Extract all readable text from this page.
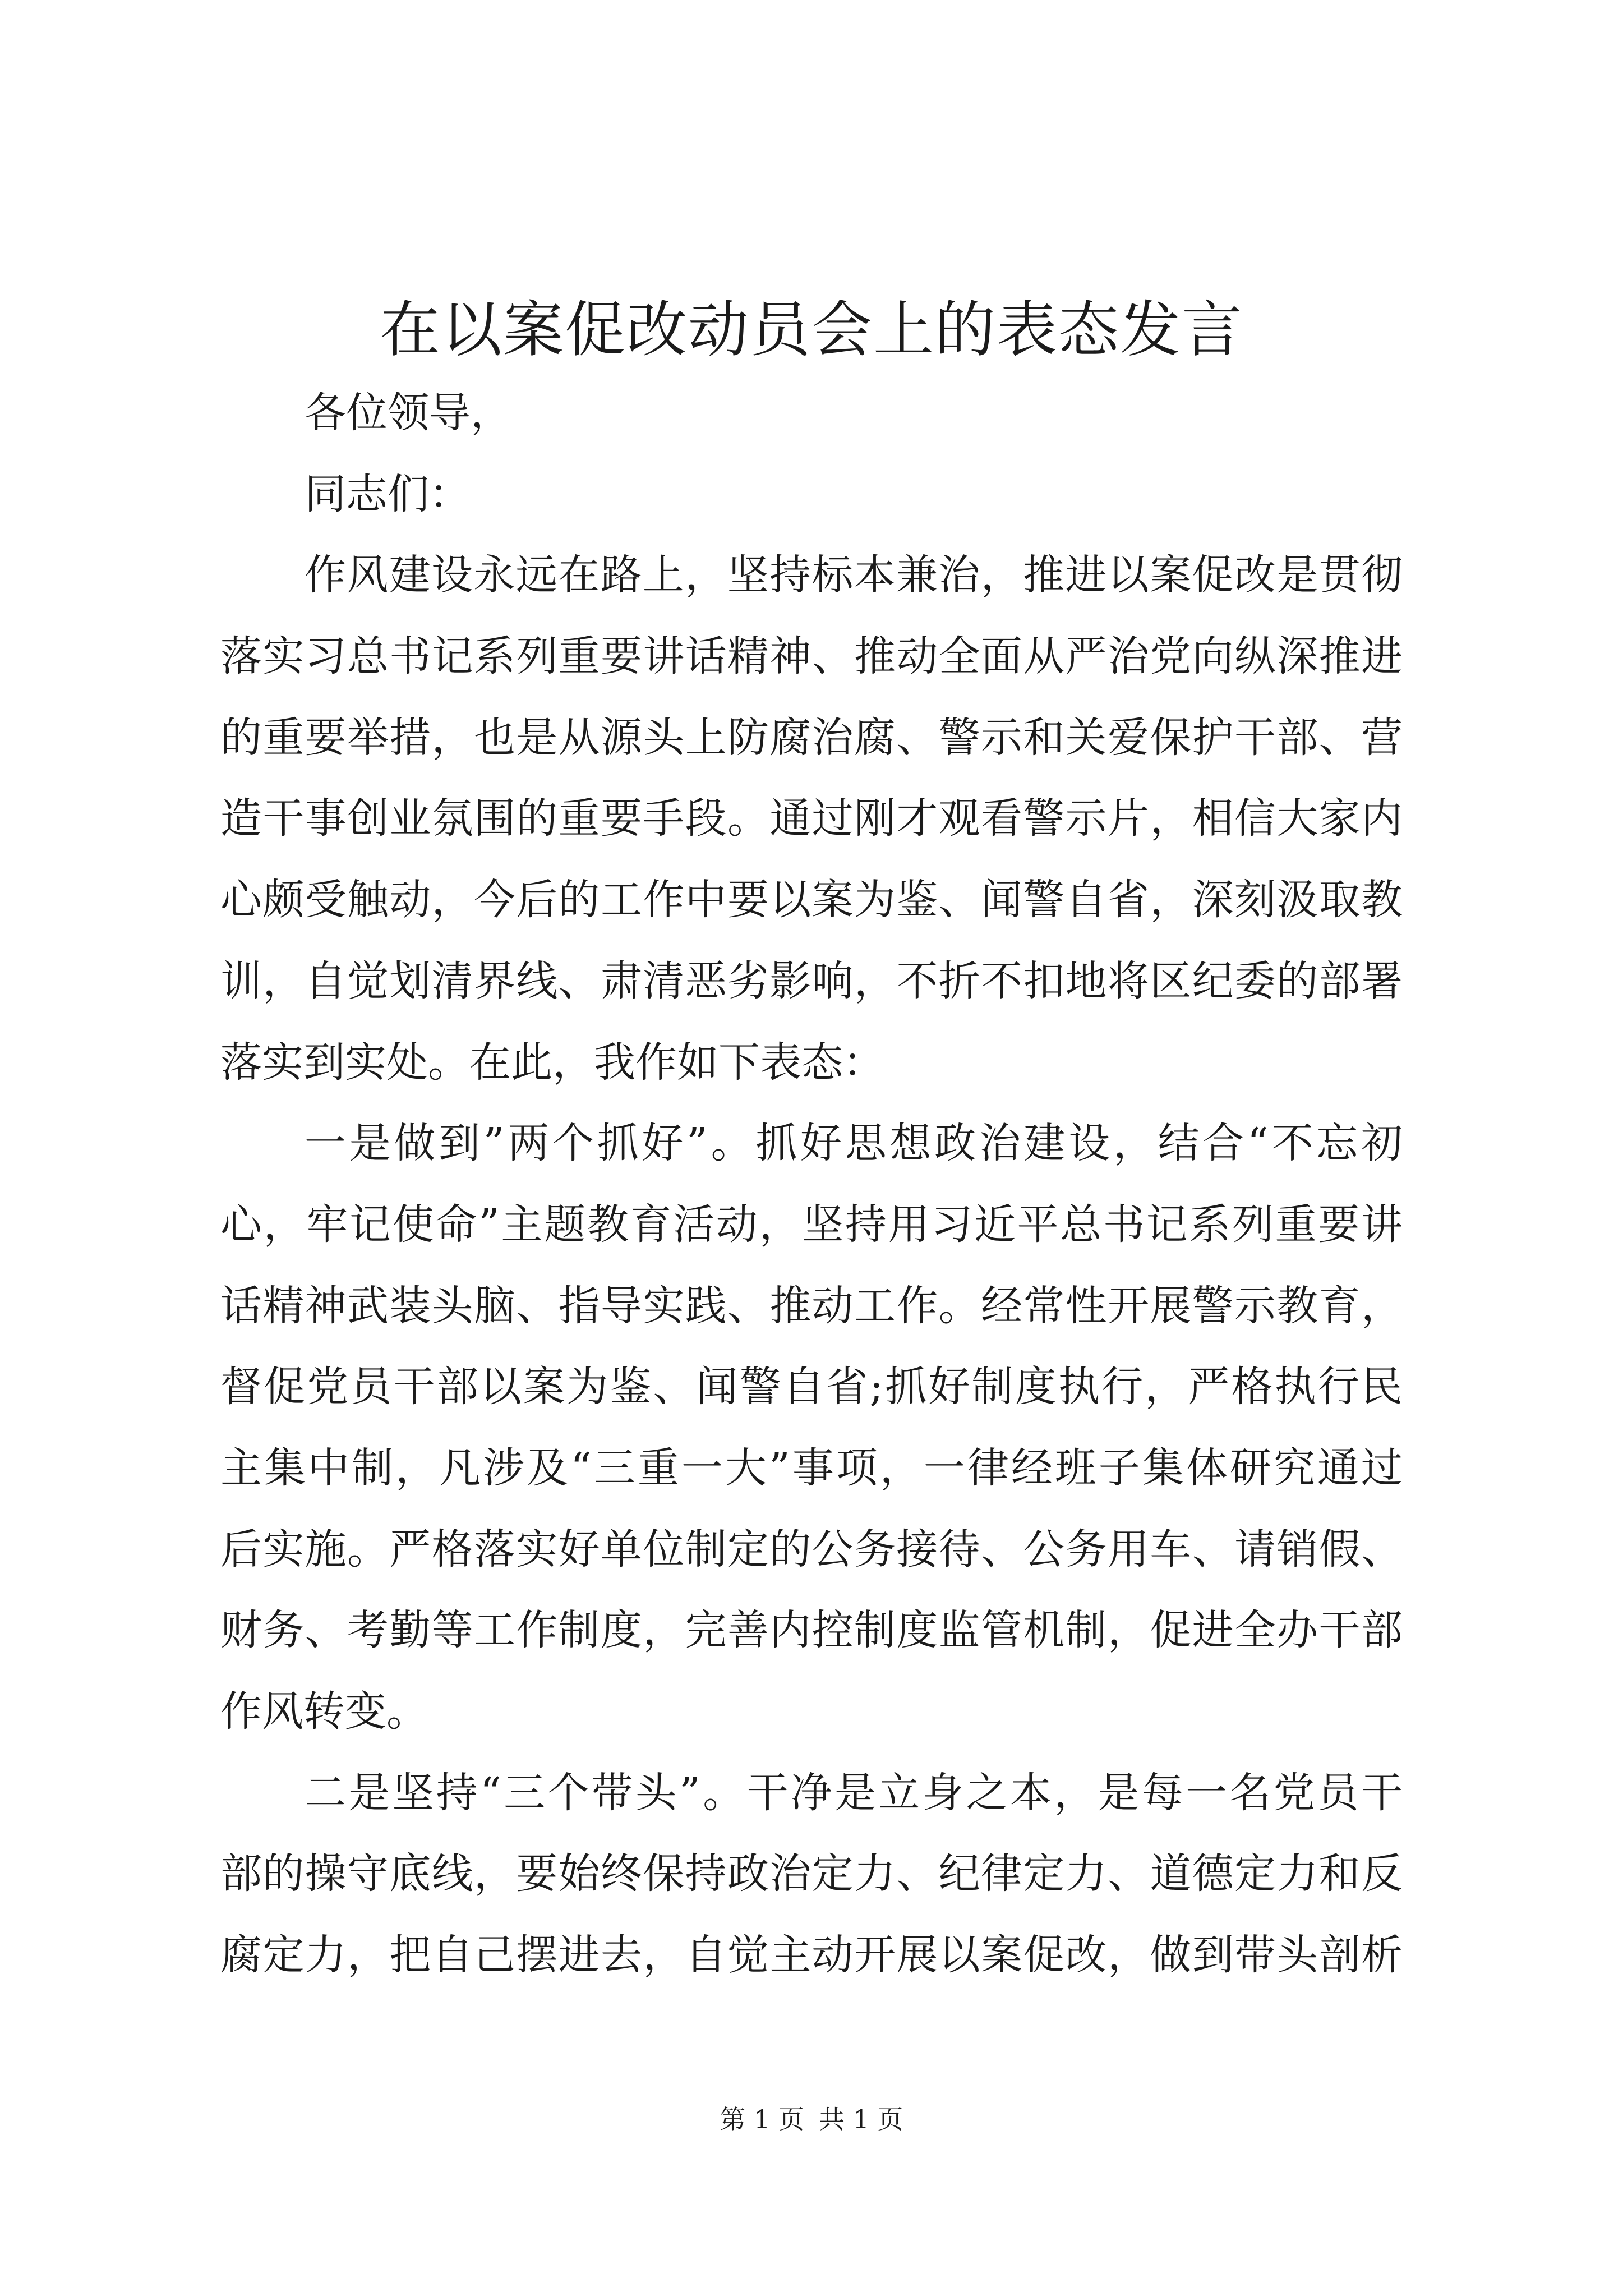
在以案促改动员会上的表态发言
各位领导，
同志们：
作风建设永远在路上，坚持标本兼治，推进以案促改是贯彻
落实习总书记系列重要讲话精神、推动全面从严治党向纵深推进
的重要举措，也是从源头上防腐治腐、警示和关爱保护干部、营
造干事创业氛围的重要手段。通过刚才观看警示片，相信大家内
心颇受触动，今后的工作中要以案为鉴、闻警自省，深刻汲取教
训，自觉划清界线、肃清恶劣影响，不折不扣地将区纪委的部署
落实到实处。在此，我作如下表态：
一是做到”两个抓好”。抓好思想政治建设，结合“不忘初
心，牢记使命”主题教育活动，坚持用习近平总书记系列重要讲
话精神武装头脑、指导实践、推动工作。经常性开展警示教育，
督促党员干部以案为鉴、闻警自省;抓好制度执行，严格执行民
主集中制，凡涉及“三重一大”事项，一律经班子集体研究通过
后实施。严格落实好单位制定的公务接待、公务用车、请销假、
财务、考勤等工作制度，完善内控制度监管机制，促进全办干部
作风转变。
二是坚持“三个带头”。干净是立身之本，是每一名党员干
部的操守底线，要始终保持政治定力、纪律定力、道德定力和反
腐定力，把自己摆进去，自觉主动开展以案促改，做到带头剖析
第 1 页 共 1 页
